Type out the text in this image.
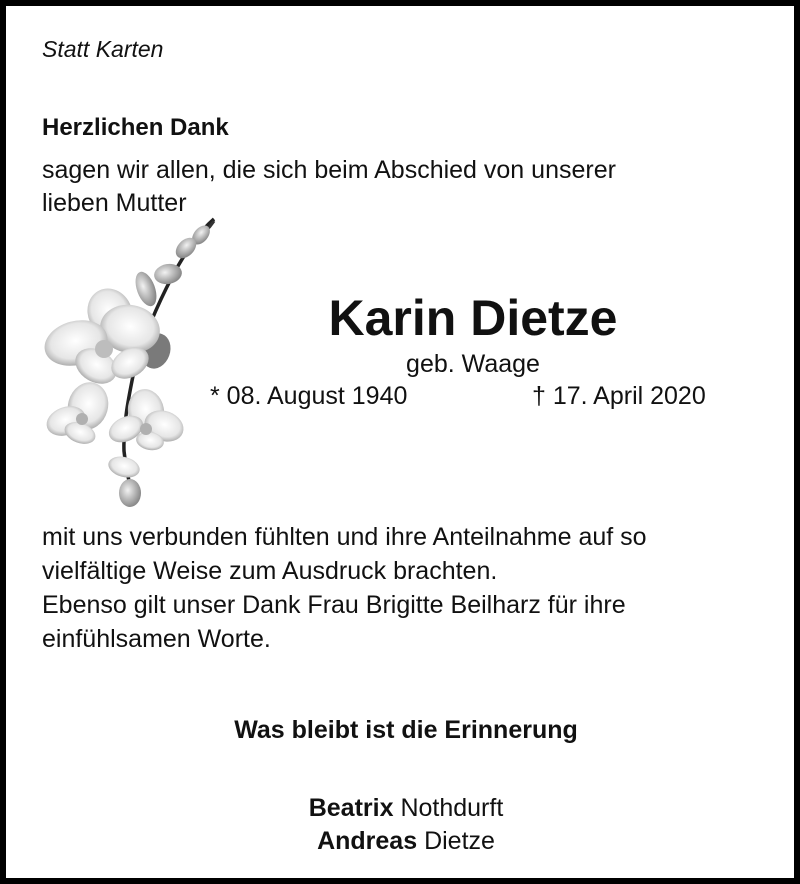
Statt Karten
Herzlichen Dank
sagen wir allen, die sich beim Abschied von unserer
lieben Mutter
Karin Dietze
geb. Waage
* 08. August 1940	† 17. April 2020
mit uns verbunden fühlten und ihre Anteilnahme auf so
vielfältige Weise zum Ausdruck brachten.
Ebenso gilt unser Dank Frau Brigitte Beilharz für ihre
einfühlsamen Worte.
Was bleibt ist die Erinnerung
Beatrix Nothdurft
Andreas Dietze
